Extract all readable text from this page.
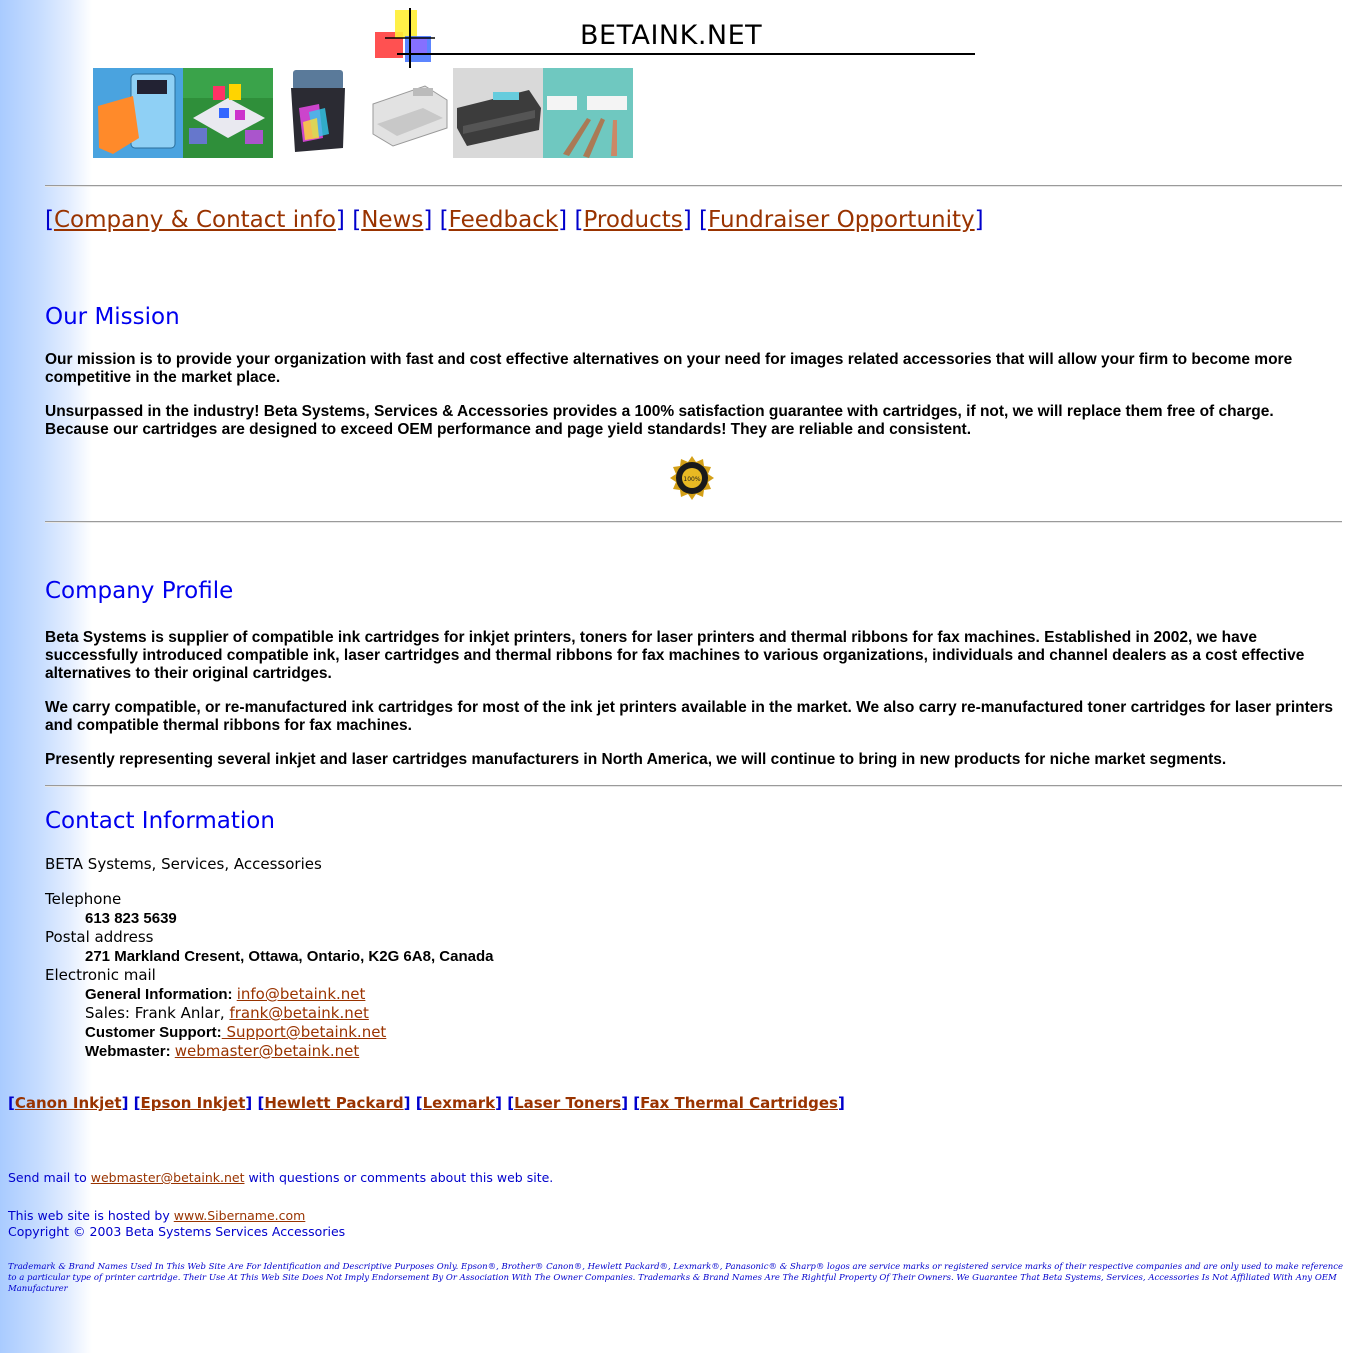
BETAINK.NET
[Company & Contact info] [News] [Feedback] [Products] [Fundraiser Opportunity]
Our Mission
Our mission is to provide your organization with fast and cost effective alternatives on your need for images related accessories that will allow your firm to become more competitive in the market place.
Unsurpassed in the industry! Beta Systems, Services & Accessories provides a 100% satisfaction guarantee with cartridges, if not, we will replace them free of charge. Because our cartridges are designed to exceed OEM performance and page yield standards! They are reliable and consistent.
100%
Company Profile
Beta Systems is supplier of compatible ink cartridges for inkjet printers, toners for laser printers and thermal ribbons for fax machines. Established in 2002, we have successfully introduced compatible ink, laser cartridges and thermal ribbons for fax machines to various organizations, individuals and channel dealers as a cost effective alternatives to their original cartridges.
We carry compatible, or re-manufactured ink cartridges for most of the ink jet printers available in the market. We also carry re-manufactured toner cartridges for laser printers and compatible thermal ribbons for fax machines.
Presently representing several inkjet and laser cartridges manufacturers in North America, we will continue to bring in new products for niche market segments.
Contact Information
BETA Systems, Services, Accessories
Telephone
613 823 5639
Postal address
271 Markland Cresent, Ottawa, Ontario, K2G 6A8, Canada
Electronic mail
General Information: info@betaink.net
Sales: Frank Anlar, frank@betaink.net
Customer Support: Support@betaink.net
Webmaster: webmaster@betaink.net
[Canon Inkjet] [Epson Inkjet] [Hewlett Packard] [Lexmark] [Laser Toners] [Fax Thermal Cartridges]
Send mail to webmaster@betaink.net with questions or comments about this web site.
This web site is hosted by www.Sibername.com
Copyright © 2003 Beta Systems Services Accessories
Trademark & Brand Names Used In This Web Site Are For Identification and Descriptive Purposes Only. Epson®, Brother® Canon®, Hewlett Packard®, Lexmark®, Panasonic® & Sharp® logos are service marks or registered service marks of their respective companies and are only used to make reference to a particular type of printer cartridge. Their Use At This Web Site Does Not Imply Endorsement By Or Association With The Owner Companies. Trademarks & Brand Names Are The Rightful Property Of Their Owners. We Guarantee That Beta Systems, Services, Accessories Is Not Affiliated With Any OEM Manufacturer
